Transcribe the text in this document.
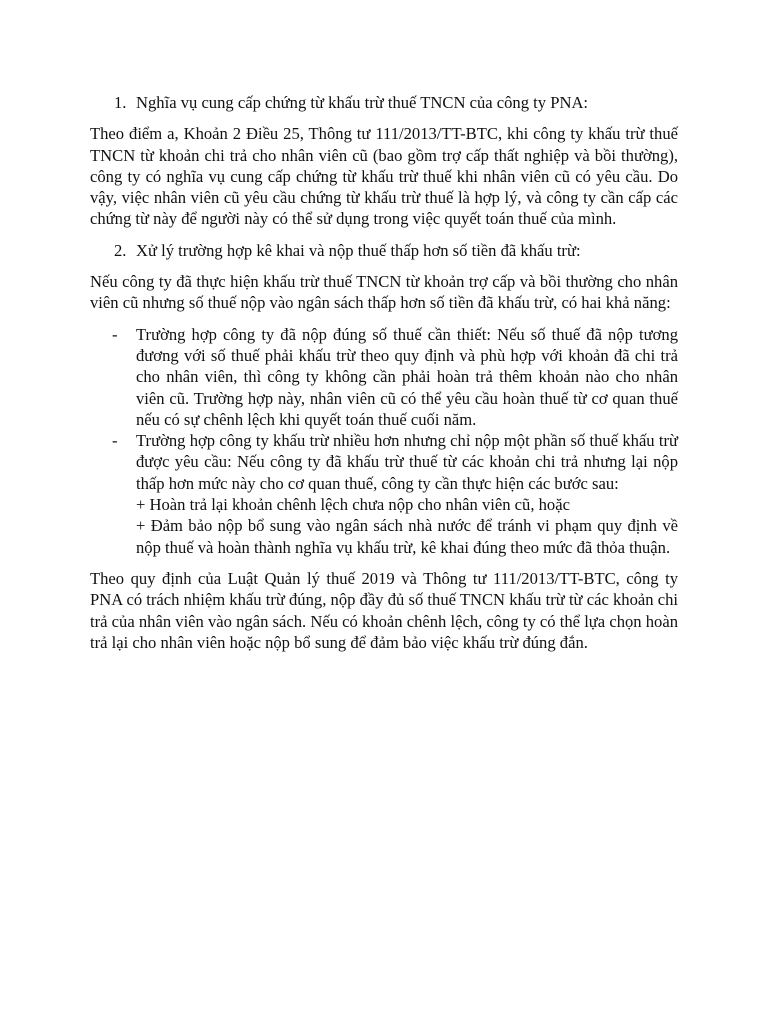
1. Nghĩa vụ cung cấp chứng từ khấu trừ thuế TNCN của công ty PNA:

Theo điểm a, Khoản 2 Điều 25, Thông tư 111/2013/TT-BTC, khi công ty khấu trừ thuế TNCN từ khoản chi trả cho nhân viên cũ (bao gồm trợ cấp thất nghiệp và bồi thường), công ty có nghĩa vụ cung cấp chứng từ khấu trừ thuế khi nhân viên cũ có yêu cầu. Do vậy, việc nhân viên cũ yêu cầu chứng từ khấu trừ thuế là hợp lý, và công ty cần cấp các chứng từ này để người này có thể sử dụng trong việc quyết toán thuế của mình.

2. Xử lý trường hợp kê khai và nộp thuế thấp hơn số tiền đã khấu trừ:

Nếu công ty đã thực hiện khấu trừ thuế TNCN từ khoản trợ cấp và bồi thường cho nhân viên cũ nhưng số thuế nộp vào ngân sách thấp hơn số tiền đã khấu trừ, có hai khả năng:

-	Trường hợp công ty đã nộp đúng số thuế cần thiết: Nếu số thuế đã nộp tương đương với số thuế phải khấu trừ theo quy định và phù hợp với khoản đã chi trả cho nhân viên, thì công ty không cần phải hoàn trả thêm khoản nào cho nhân viên cũ. Trường hợp này, nhân viên cũ có thể yêu cầu hoàn thuế từ cơ quan thuế nếu có sự chênh lệch khi quyết toán thuế cuối năm.
-	Trường hợp công ty khấu trừ nhiều hơn nhưng chỉ nộp một phần số thuế khấu trừ được yêu cầu: Nếu công ty đã khấu trừ thuế từ các khoản chi trả nhưng lại nộp thấp hơn mức này cho cơ quan thuế, công ty cần thực hiện các bước sau:
+ Hoàn trả lại khoản chênh lệch chưa nộp cho nhân viên cũ, hoặc
+ Đảm bảo nộp bổ sung vào ngân sách nhà nước để tránh vi phạm quy định về nộp thuế và hoàn thành nghĩa vụ khấu trừ, kê khai đúng theo mức đã thỏa thuận.

Theo quy định của Luật Quản lý thuế 2019 và Thông tư 111/2013/TT-BTC, công ty PNA có trách nhiệm khấu trừ đúng, nộp đầy đủ số thuế TNCN khấu trừ từ các khoản chi trả của nhân viên vào ngân sách. Nếu có khoản chênh lệch, công ty có thể lựa chọn hoàn trả lại cho nhân viên hoặc nộp bổ sung để đảm bảo việc khấu trừ đúng đắn.
